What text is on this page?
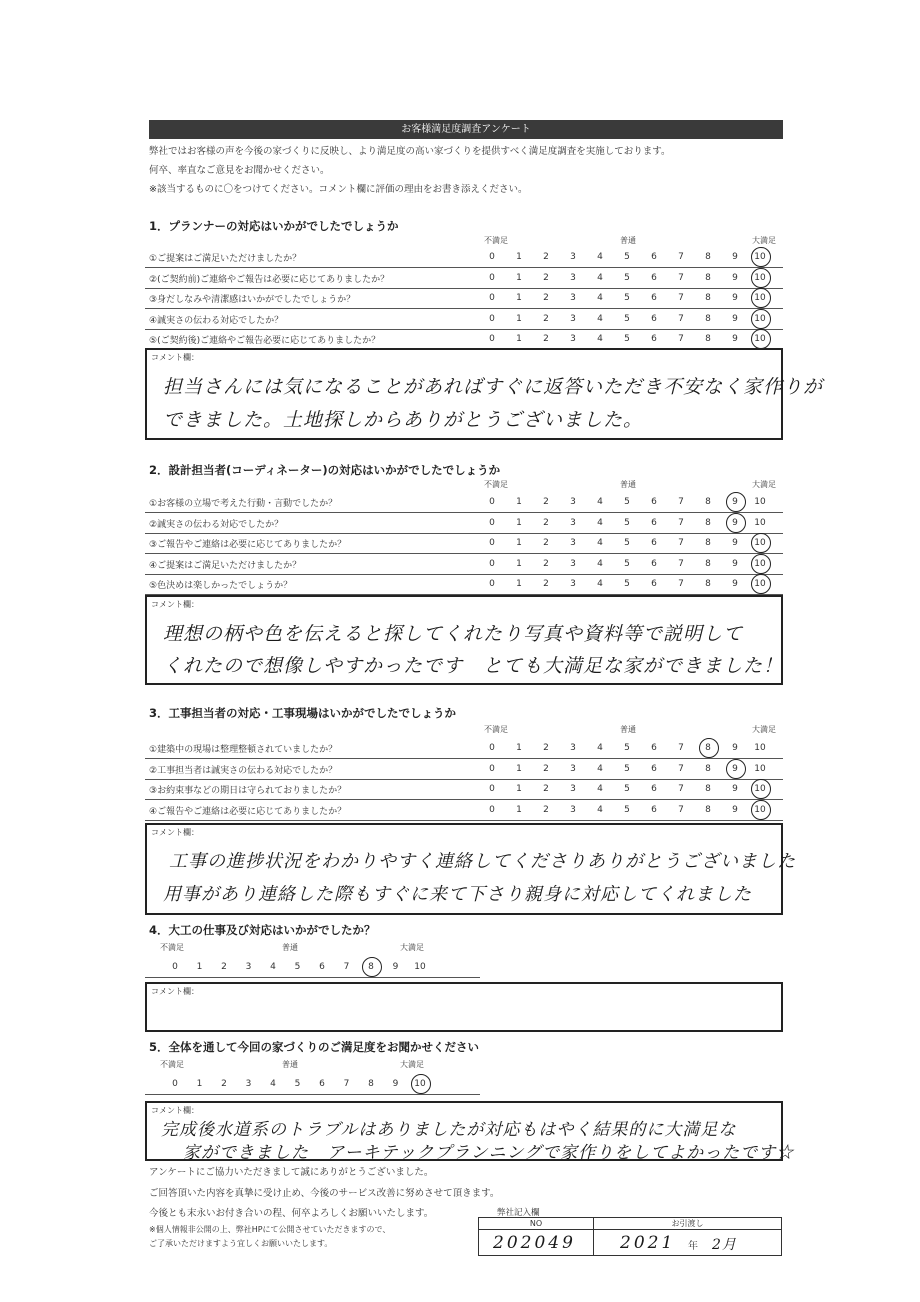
お客様満足度調査アンケート
弊社ではお客様の声を今後の家づくりに反映し、より満足度の高い家づくりを提供すべく満足度調査を実施しております。
何卒、率直なご意見をお聞かせください。
※該当するものに〇をつけてください。コメント欄に評価の理由をお書き添えください。
1．プランナーの対応はいかがでしたでしょうか
不満足	普通	大満足
①ご提案はご満足いただけましたか？	0	1	2	3	4	5	6	7	8	9	10
②(ご契約前)ご連絡やご報告は必要に応じてありましたか？	0	1	2	3	4	5	6	7	8	9	10
③身だしなみや清潔感はいかがでしたでしょうか？	0	1	2	3	4	5	6	7	8	9	10
④誠実さの伝わる対応でしたか？	0	1	2	3	4	5	6	7	8	9	10
⑤(ご契約後)ご連絡やご報告必要に応じてありましたか？	0	1	2	3	4	5	6	7	8	9	10
コメント欄：
担当さんには気になることがあればすぐに返答いただき不安なく家作りが
できました。土地探しからありがとうございました。
2．設計担当者(コーディネーター)の対応はいかがでしたでしょうか
不満足	普通	大満足
①お客様の立場で考えた行動・言動でしたか？	0	1	2	3	4	5	6	7	8	9	10
②誠実さの伝わる対応でしたか？	0	1	2	3	4	5	6	7	8	9	10
③ご報告やご連絡は必要に応じてありましたか？	0	1	2	3	4	5	6	7	8	9	10
④ご提案はご満足いただけましたか？	0	1	2	3	4	5	6	7	8	9	10
⑤色決めは楽しかったでしょうか？	0	1	2	3	4	5	6	7	8	9	10
コメント欄：
理想の柄や色を伝えると探してくれたり写真や資料等で説明して
くれたので想像しやすかったです　とても大満足な家ができました！
3．工事担当者の対応・工事現場はいかがでしたでしょうか
不満足	普通	大満足
①建築中の現場は整理整頓されていましたか？	0	1	2	3	4	5	6	7	8	9	10
②工事担当者は誠実さの伝わる対応でしたか？	0	1	2	3	4	5	6	7	8	9	10
③お約束事などの期日は守られておりましたか？	0	1	2	3	4	5	6	7	8	9	10
④ご報告やご連絡は必要に応じてありましたか？	0	1	2	3	4	5	6	7	8	9	10
コメント欄：
工事の進捗状況をわかりやすく連絡してくださりありがとうございました
用事があり連絡した際もすぐに来て下さり親身に対応してくれました
4．大工の仕事及び対応はいかがでしたか？
不満足	普通	大満足
0	1	2	3	4	5	6	7	8	9	10
コメント欄：
5．全体を通して今回の家づくりのご満足度をお聞かせください
不満足	普通	大満足
0	1	2	3	4	5	6	7	8	9	10
コメント欄：
完成後水道系のトラブルはありましたが対応もはやく結果的に大満足な
家ができました　アーキテックプランニングで家作りをしてよかったです☆
アンケートにご協力いただきまして誠にありがとうございました。
ご回答頂いた内容を真摯に受け止め、今後のサービス改善に努めさせて頂きます。
今後とも末永いお付き合いの程、何卒よろしくお願いいたします。
※個人情報非公開の上、弊社HPにて公開させていただきますので、
ご了承いただけますよう宜しくお願いいたします。
弊社記入欄
NO	お引渡し

202049	2021 年 2月
